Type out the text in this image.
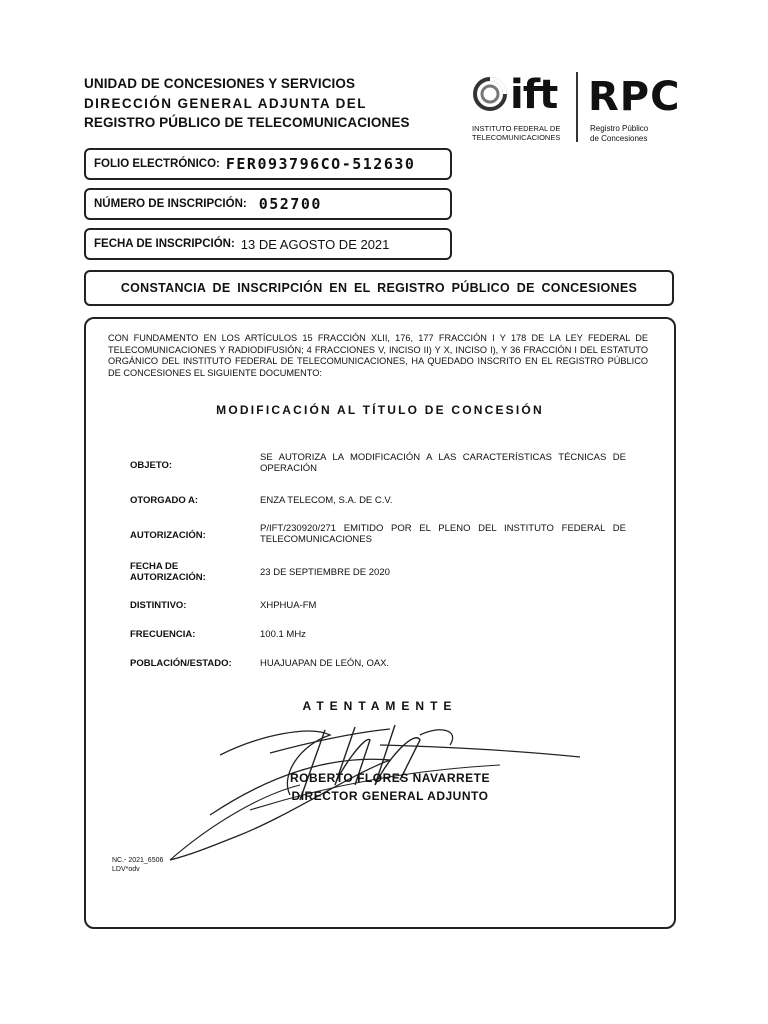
UNIDAD DE CONCESIONES Y SERVICIOS
DIRECCIÓN GENERAL ADJUNTA DEL
REGISTRO PÚBLICO DE TELECOMUNICACIONES
ift
INSTITUTO FEDERAL DE
TELECOMUNICACIONES
RPC
Registro Público
de Concesiones
FOLIO ELECTRÓNICO: FER093796CO-512630
NÚMERO DE INSCRIPCIÓN: 052700
FECHA DE INSCRIPCIÓN: 13 DE AGOSTO DE 2021
CONSTANCIA DE INSCRIPCIÓN EN EL REGISTRO PÚBLICO DE CONCESIONES
CON FUNDAMENTO EN LOS ARTÍCULOS 15 FRACCIÓN XLII, 176, 177 FRACCIÓN I Y 178 DE LA LEY FEDERAL DE TELECOMUNICACIONES Y RADIODIFUSIÓN; 4 FRACCIONES V, INCISO II) Y X, INCISO I), Y 36 FRACCIÓN I DEL ESTATUTO ORGÁNICO DEL INSTITUTO FEDERAL DE TELECOMUNICACIONES, HA QUEDADO INSCRITO EN EL REGISTRO PÚBLICO DE CONCESIONES EL SIGUIENTE DOCUMENTO:
MODIFICACIÓN AL TÍTULO DE CONCESIÓN
OBJETO:
SE AUTORIZA LA MODIFICACIÓN A LAS CARACTERÍSTICAS TÉCNICAS DE OPERACIÓN
OTORGADO A:	ENZA TELECOM, S.A. DE C.V.
AUTORIZACIÓN:
P/IFT/230920/271 EMITIDO POR EL PLENO DEL INSTITUTO FEDERAL DE TELECOMUNICACIONES
FECHA DE AUTORIZACIÓN:	23 DE SEPTIEMBRE DE 2020
DISTINTIVO:	XHPHUA-FM
FRECUENCIA:	100.1 MHz
POBLACIÓN/ESTADO:	HUAJUAPAN DE LEÓN, OAX.
ATENTAMENTE
ROBERTO FLORES NAVARRETE
DIRECTOR GENERAL ADJUNTO
NC.- 2021_6506
LDV*odv
